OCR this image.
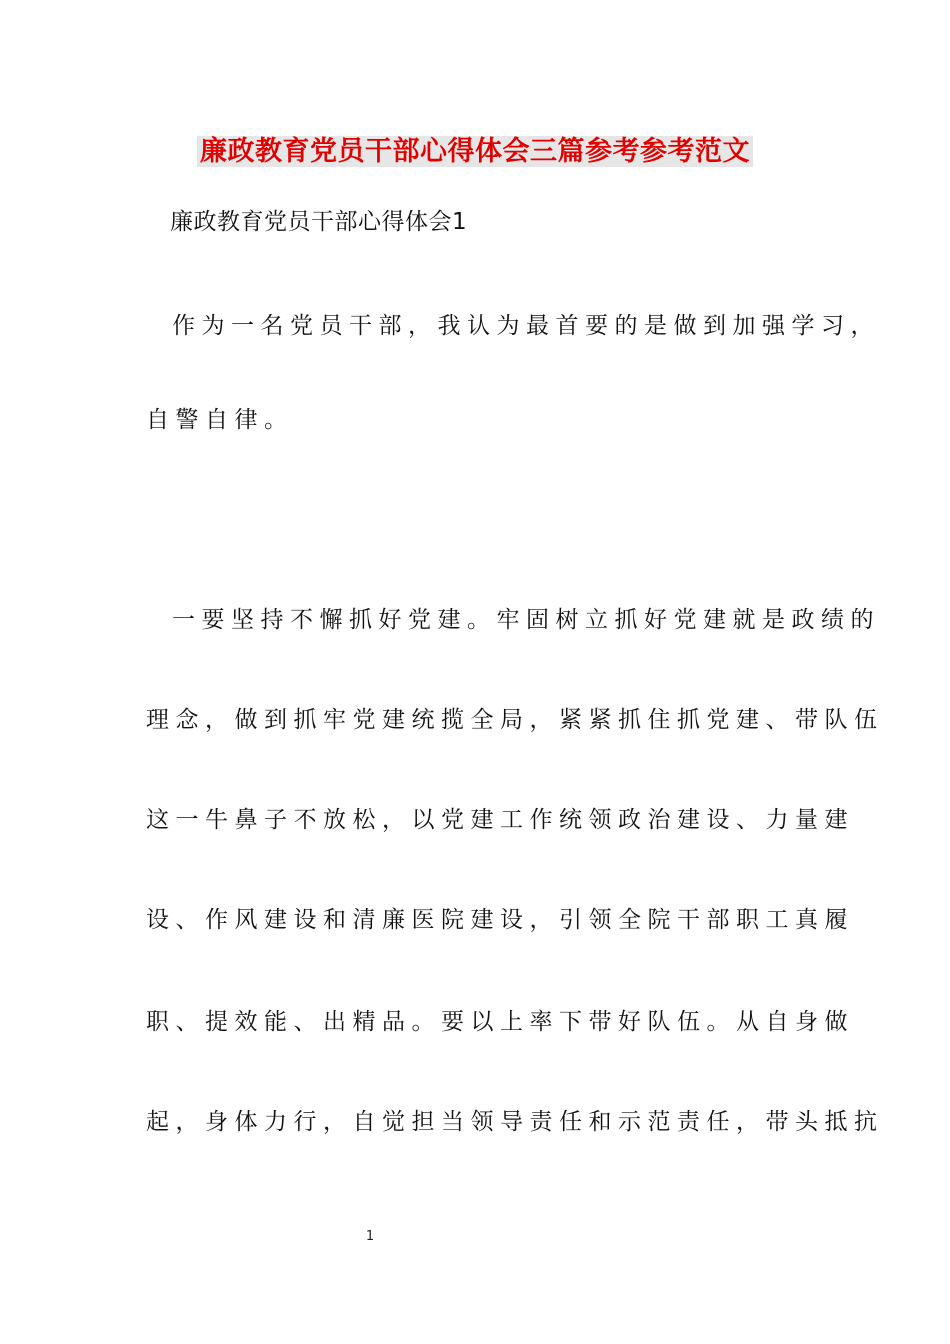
廉政教育党员干部心得体会三篇参考参考范文
廉政教育党员干部心得体会1
作为一名党员干部，我认为最首要的是做到加强学习，
自警自律。
一要坚持不懈抓好党建。牢固树立抓好党建就是政绩的
理念，做到抓牢党建统揽全局，紧紧抓住抓党建、带队伍
这一牛鼻子不放松，以党建工作统领政治建设、力量建
设、作风建设和清廉医院建设，引领全院干部职工真履
职、提效能、出精品。要以上率下带好队伍。从自身做
起，身体力行，自觉担当领导责任和示范责任，带头抵抗
1
